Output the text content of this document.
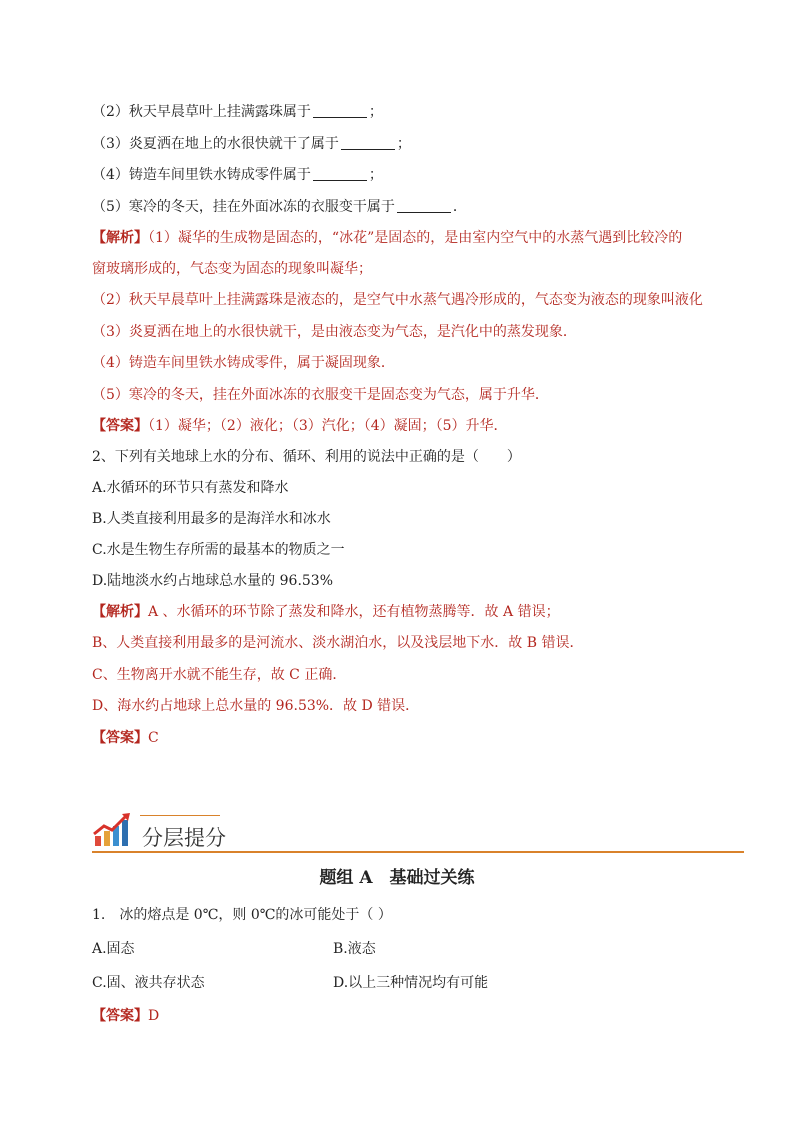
（2）秋天早晨草叶上挂满露珠属于	；
（3）炎夏洒在地上的水很快就干了属于	；
（4）铸造车间里铁水铸成零件属于	；
（5）寒冷的冬天，挂在外面冰冻的衣服变干属于	．
【解析】（1）凝华的生成物是固态的，“冰花”是固态的，是由室内空气中的水蒸气遇到比较冷的
窗玻璃形成的，气态变为固态的现象叫凝华；
（2）秋天早晨草叶上挂满露珠是液态的，是空气中水蒸气遇冷形成的，气态变为液态的现象叫液化
（3）炎夏洒在地上的水很快就干，是由液态变为气态，是汽化中的蒸发现象．
（4）铸造车间里铁水铸成零件，属于凝固现象．
（5）寒冷的冬天，挂在外面冰冻的衣服变干是固态变为气态，属于升华．
【答案】（1）凝华；（2）液化；（3）汽化；（4）凝固；（5）升华．
2、下列有关地球上水的分布、循环、利用的说法中正确的是（　　）
A.水循环的环节只有蒸发和降水
B.人类直接利用最多的是海洋水和冰水
C.水是生物生存所需的最基本的物质之一
D.陆地淡水约占地球总水量的 96.53%
【解析】A 、水循环的环节除了蒸发和降水，还有植物蒸腾等．故 A 错误；
B、人类直接利用最多的是河流水、淡水湖泊水，以及浅层地下水．故 B 错误．
C、生物离开水就不能生存，故 C 正确．
D、海水约占地球上总水量的 96.53%．故 D 错误．
【答案】C
分层提分
题组 A　基础过关练
1.　冰的熔点是 0℃，则 0℃的冰可能处于（ ）
A.固态	B.液态
C.固、液共存状态	D.以上三种情况均有可能
【答案】D
